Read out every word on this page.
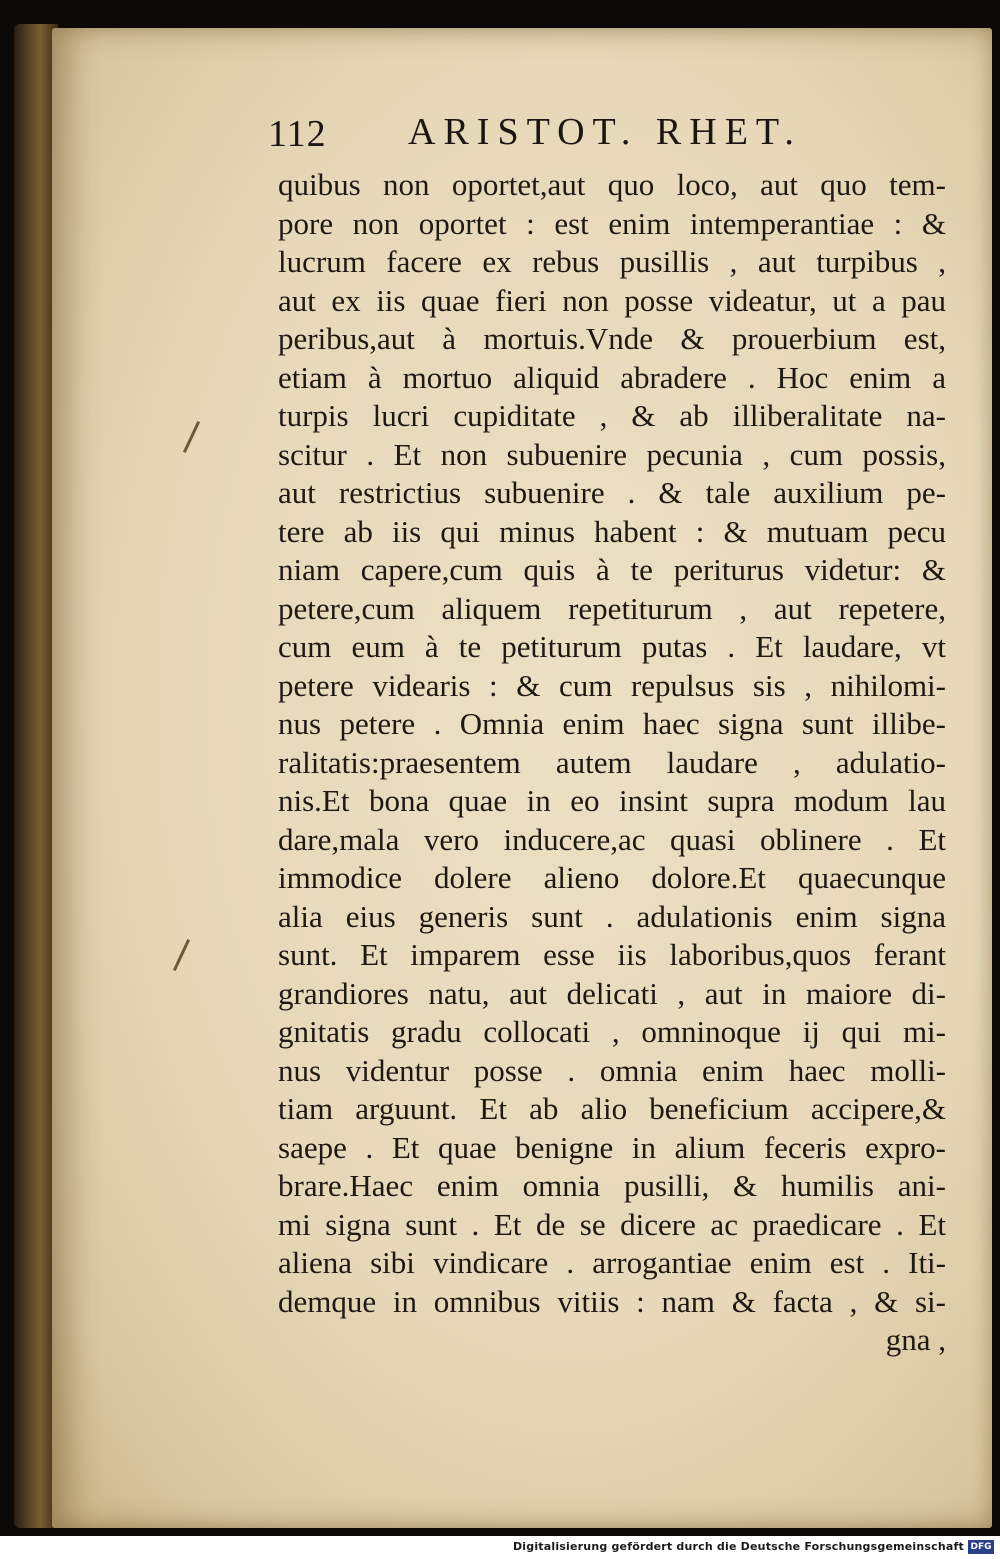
112 ARISTOT. RHET.
quibus non oportet,aut quo loco, aut quo tem-
pore non oportet : est enim intemperantiae : &
lucrum facere ex rebus pusillis , aut turpibus ,
aut ex iis quae fieri non posse videatur, ut a pau
peribus,aut à mortuis.Vnde & prouerbium est,
etiam à mortuo aliquid abradere . Hoc enim a
turpis lucri cupiditate , & ab illiberalitate na-
scitur . Et non subuenire pecunia , cum possis,
aut restrictius subuenire . & tale auxilium pe-
tere ab iis qui minus habent : & mutuam pecu
niam capere,cum quis à te periturus videtur: &
petere,cum aliquem repetiturum , aut repetere,
cum eum à te petiturum putas . Et laudare, vt
petere videaris : & cum repulsus sis , nihilomi-
nus petere . Omnia enim haec signa sunt illibe-
ralitatis:praesentem autem laudare , adulatio-
nis.Et bona quae in eo insint supra modum lau
dare,mala vero inducere,ac quasi oblinere . Et
immodice dolere alieno dolore.Et quaecunque
alia eius generis sunt . adulationis enim signa
sunt. Et imparem esse iis laboribus,quos ferant
grandiores natu, aut delicati , aut in maiore di-
gnitatis gradu collocati , omninoque ij qui mi-
nus videntur posse . omnia enim haec molli-
tiam arguunt. Et ab alio beneficium accipere,&
saepe . Et quae benigne in alium feceris expro-
brare.Haec enim omnia pusilli, & humilis ani-
mi signa sunt . Et de se dicere ac praedicare . Et
aliena sibi vindicare . arrogantiae enim est . Iti-
demque in omnibus vitiis : nam & facta , & si-
gna ,
Digitalisierung gefördert durch die Deutsche Forschungsgemeinschaft DFG
